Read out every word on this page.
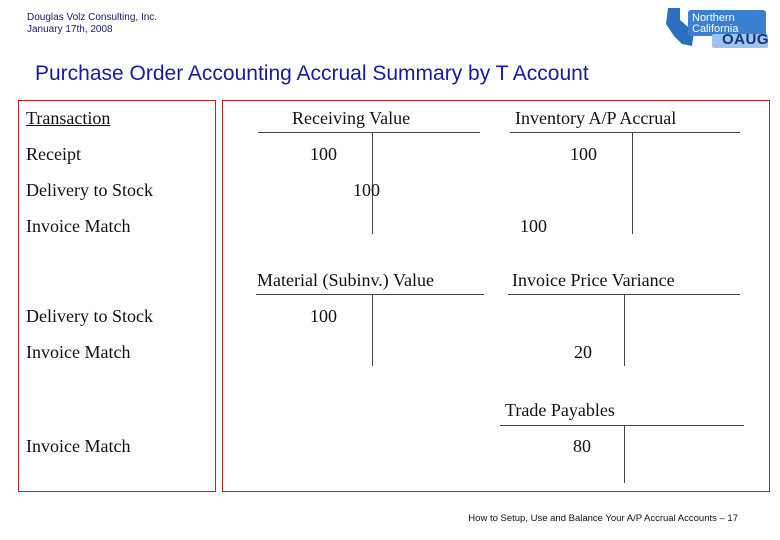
Douglas Volz Consulting, Inc.
January 17th, 2008
Northern
California
OAUG
Purchase Order Accounting Accrual Summary by T Account
Transaction
Receipt
Delivery to Stock
Invoice Match
Delivery to Stock
Invoice Match
Invoice Match
Receiving Value
100
100
Inventory A/P Accrual
100
100
Material (Subinv.) Value
100
Invoice Price Variance
20
Trade Payables
80
How to Setup, Use and Balance Your A/P Accrual Accounts – 17
